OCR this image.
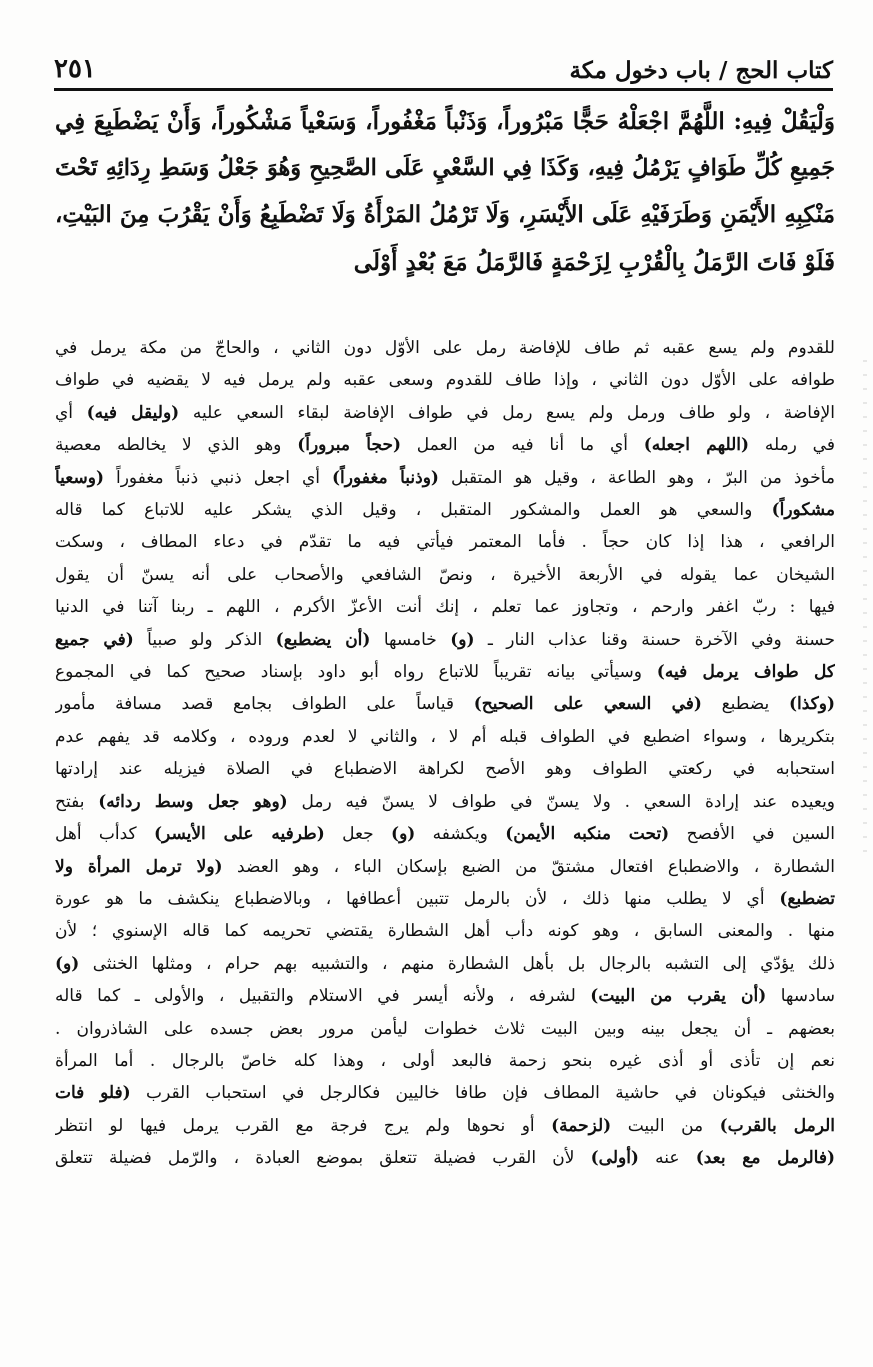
كتاب الحج / باب دخول مكة
٢٥١
وَلْيَقُلْ فِيهِ: اللَّهُمَّ اجْعَلْهُ حَجًّا مَبْرُوراً، وَذَنْباً مَغْفُوراً، وَسَعْياً مَشْكُوراً، وَأَنْ يَضْطَبِعَ فِي
جَمِيعِ كُلِّ طَوَافٍ يَرْمُلُ فِيهِ، وَكَذَا فِي السَّعْيِ عَلَى الصَّحِيحِ وَهُوَ جَعْلُ وَسَطِ رِدَائِهِ تَحْتَ
مَنْكِبِهِ الأَيْمَنِ وَطَرَفَيْهِ عَلَى الأَيْسَرِ، وَلَا تَرْمُلُ المَرْأَةُ وَلَا تَضْطَبِعُ وَأَنْ يَقْرُبَ مِنَ البَيْتِ،
فَلَوْ فَاتَ الرَّمَلُ بِالْقُرْبِ لِزَحْمَةٍ فَالرَّمَلُ مَعَ بُعْدٍ أَوْلَى
للقدوم ولم يسع عقبه ثم طاف للإفاضة رمل على الأوّل دون الثاني ، والحاجّ من مكة يرمل في
طوافه على الأوّل دون الثاني ، وإذا طاف للقدوم وسعى عقبه ولم يرمل فيه لا يقضيه في طواف
الإفاضة ، ولو طاف ورمل ولم يسع رمل في طواف الإفاضة لبقاء السعي عليه (وليقل فيه) أي
في رمله (اللهم اجعله) أي ما أنا فيه من العمل (حجاً مبروراً) وهو الذي لا يخالطه معصية
مأخوذ من البرّ ، وهو الطاعة ، وقيل هو المتقبل (وذنباً مغفوراً) أي اجعل ذنبي ذنباً مغفوراً (وسعياً
مشكوراً) والسعي هو العمل والمشكور المتقبل ، وقيل الذي يشكر عليه للاتباع كما قاله
الرافعي ، هذا إذا كان حجاً . فأما المعتمر فيأتي فيه ما تقدّم في دعاء المطاف ، وسكت
الشيخان عما يقوله في الأربعة الأخيرة ، ونصّ الشافعي والأصحاب على أنه يسنّ أن يقول
فيها : ربّ اغفر وارحم ، وتجاوز عما تعلم ، إنك أنت الأعزّ الأكرم ، اللهم ـ ربنا آتنا في الدنيا
حسنة وفي الآخرة حسنة وقنا عذاب النار ـ (و) خامسها (أن يضطبع) الذكر ولو صبياً (في جميع
كل طواف يرمل فيه) وسيأتي بيانه تقريباً للاتباع رواه أبو داود بإسناد صحيح كما في المجموع
(وكذا) يضطبع (في السعي على الصحيح) قياساً على الطواف بجامع قصد مسافة مأمور
بتكريرها ، وسواء اضطبع في الطواف قبله أم لا ، والثاني لا لعدم وروده ، وكلامه قد يفهم عدم
استحبابه في ركعتي الطواف وهو الأصح لكراهة الاضطباع في الصلاة فيزيله عند إرادتها
ويعيده عند إرادة السعي . ولا يسنّ في طواف لا يسنّ فيه رمل (وهو جعل وسط ردائه) بفتح
السين في الأفصح (تحت منكبه الأيمن) ويكشفه (و) جعل (طرفيه على الأيسر) كدأب أهل
الشطارة ، والاضطباع افتعال مشتقّ من الضبع بإسكان الباء ، وهو العضد (ولا ترمل المرأة ولا
تضطبع) أي لا يطلب منها ذلك ، لأن بالرمل تتبين أعطافها ، وبالاضطباع ينكشف ما هو عورة
منها . والمعنى السابق ، وهو كونه دأب أهل الشطارة يقتضي تحريمه كما قاله الإسنوي ؛ لأن
ذلك يؤدّي إلى التشبه بالرجال بل بأهل الشطارة منهم ، والتشبيه بهم حرام ، ومثلها الخنثى (و)
سادسها (أن يقرب من البيت) لشرفه ، ولأنه أيسر في الاستلام والتقبيل ، والأولى ـ كما قاله
بعضهم ـ أن يجعل بينه وبين البيت ثلاث خطوات ليأمن مرور بعض جسده على الشاذروان .
نعم إن تأذى أو أذى غيره بنحو زحمة فالبعد أولى ، وهذا كله خاصّ بالرجال . أما المرأة
والخنثى فيكونان في حاشية المطاف فإن طافا خاليين فكالرجل في استحباب القرب (فلو فات
الرمل بالقرب) من البيت (لزحمة) أو نحوها ولم يرج فرجة مع القرب يرمل فيها لو انتظر
(فالرمل مع بعد) عنه (أولى) لأن القرب فضيلة تتعلق بموضع العبادة ، والرّمل فضيلة تتعلق
